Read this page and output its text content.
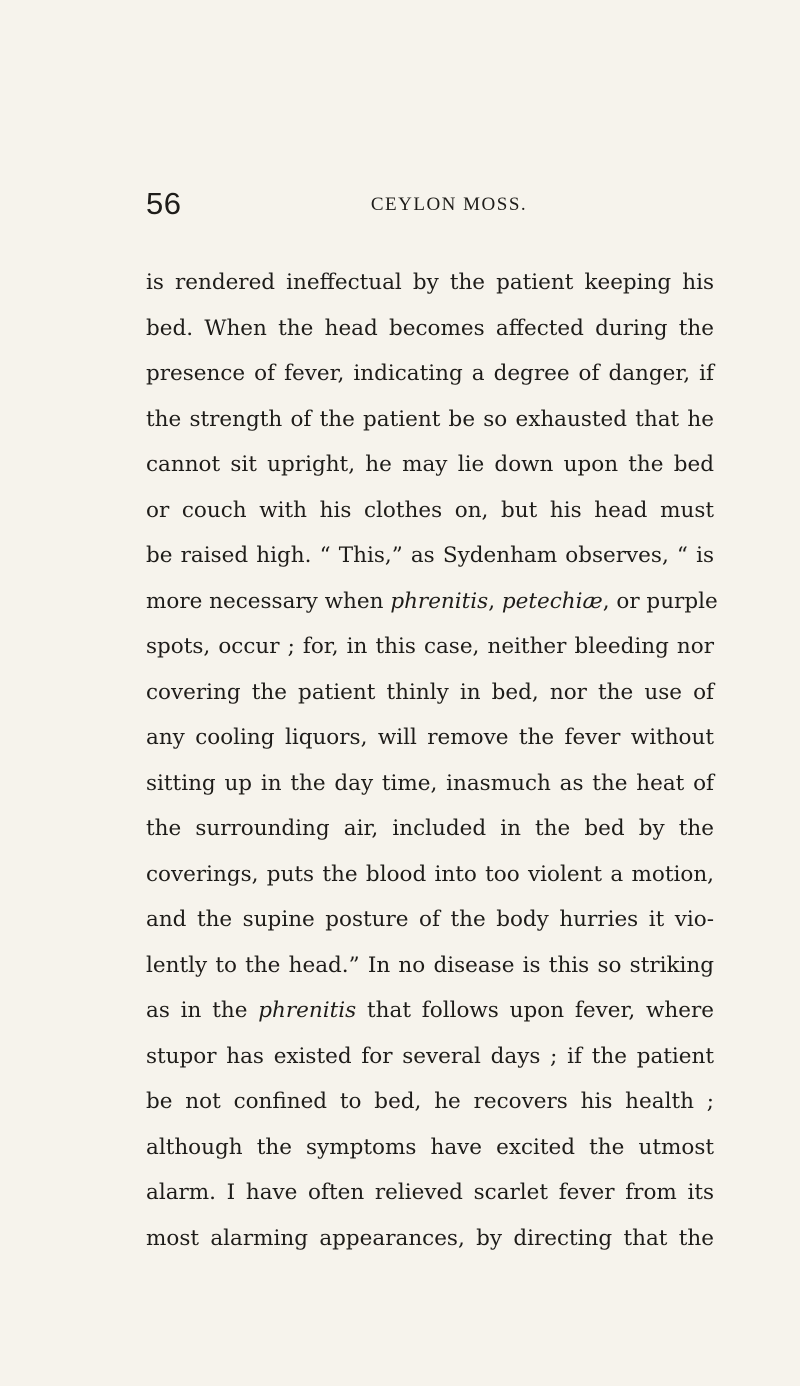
56	CEYLON MOSS.
is rendered ineffectual by the patient keeping his
bed. When the head becomes affected during the
presence of fever, indicating a degree of danger, if
the strength of the patient be so exhausted that he
cannot sit upright, he may lie down upon the bed
or couch with his clothes on, but his head must
be raised high. “ This,” as Sydenham observes, “ is
more necessary when phrenitis, petechiæ, or purple
spots, occur ; for, in this case, neither bleeding nor
covering the patient thinly in bed, nor the use of
any cooling liquors, will remove the fever without
sitting up in the day time, inasmuch as the heat of
the surrounding air, included in the bed by the
coverings, puts the blood into too violent a motion,
and the supine posture of the body hurries it vio-
lently to the head.” In no disease is this so striking
as in the phrenitis that follows upon fever, where
stupor has existed for several days ; if the patient
be not confined to bed, he recovers his health ;
although the symptoms have excited the utmost
alarm. I have often relieved scarlet fever from its
most alarming appearances, by directing that the
